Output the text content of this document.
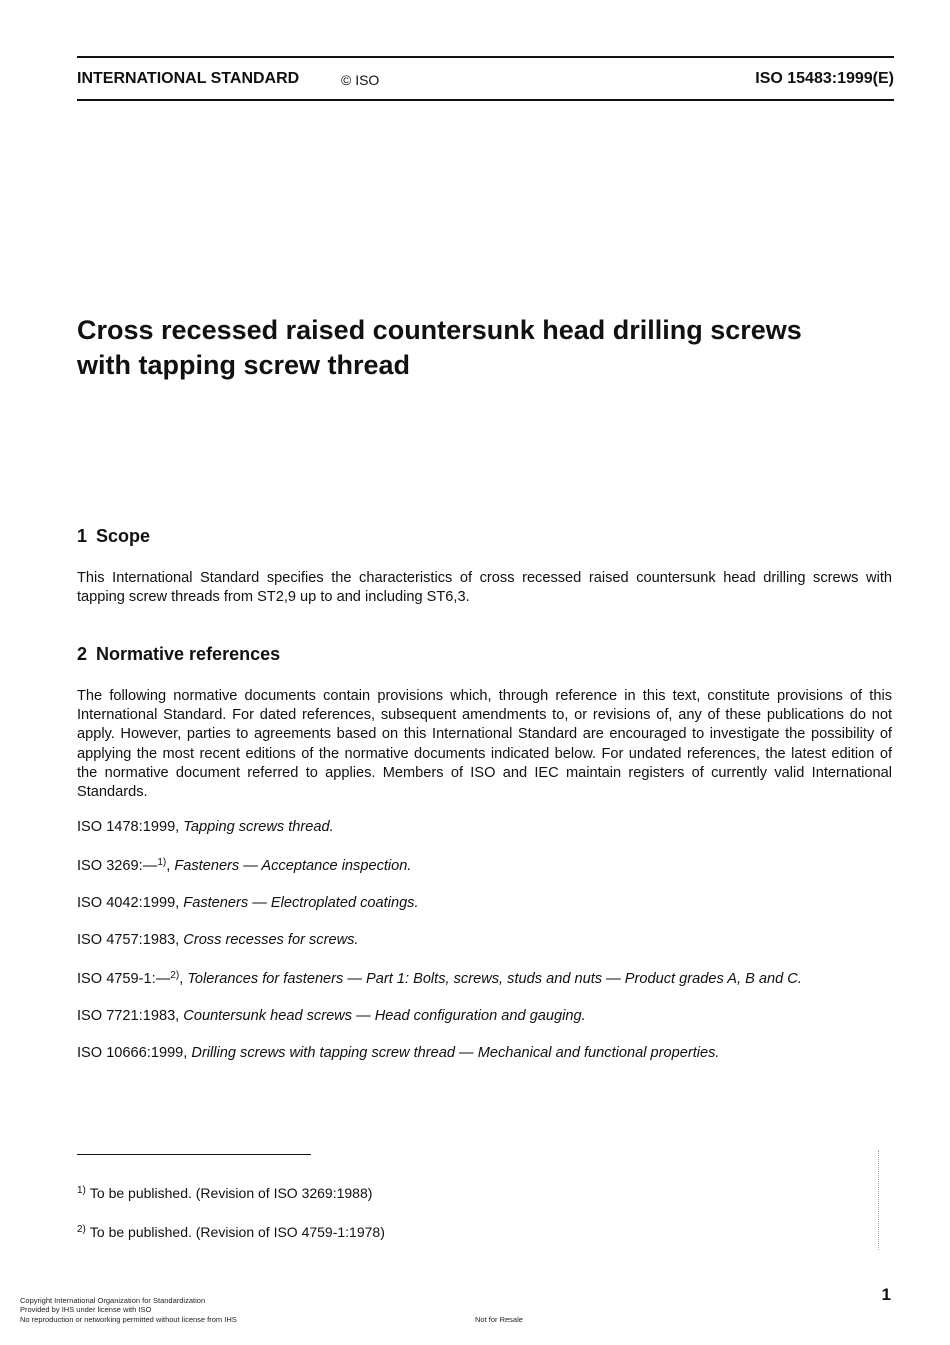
INTERNATIONAL STANDARD	© ISO	ISO 15483:1999(E)
Cross recessed raised countersunk head drilling screws
with tapping screw thread
1 Scope

This International Standard specifies the characteristics of cross recessed raised countersunk head drilling screws with tapping screw threads from ST2,9 up to and including ST6,3.

2 Normative references

The following normative documents contain provisions which, through reference in this text, constitute provisions of this International Standard. For dated references, subsequent amendments to, or revisions of, any of these publications do not apply. However, parties to agreements based on this International Standard are encouraged to investigate the possibility of applying the most recent editions of the normative documents indicated below. For undated references, the latest edition of the normative document referred to applies. Members of ISO and IEC maintain registers of currently valid International Standards.

ISO 1478:1999, Tapping screws thread.
ISO 3269:—$^{1)}$, Fasteners — Acceptance inspection.
ISO 4042:1999, Fasteners — Electroplated coatings.
ISO 4757:1983, Cross recesses for screws.
ISO 4759-1:—$^{2)}$, Tolerances for fasteners — Part 1: Bolts, screws, studs and nuts — Product grades A, B and C.
ISO 7721:1983, Countersunk head screws — Head configuration and gauging.
ISO 10666:1999, Drilling screws with tapping screw thread — Mechanical and functional properties.
$^{1)}$ To be published. (Revision of ISO 3269:1988)
$^{2)}$ To be published. (Revision of ISO 4759-1:1978)
1
Copyright International Organization for Standardization
Provided by IHS under license with ISO
No reproduction or networking permitted without license from IHS	Not for Resale
